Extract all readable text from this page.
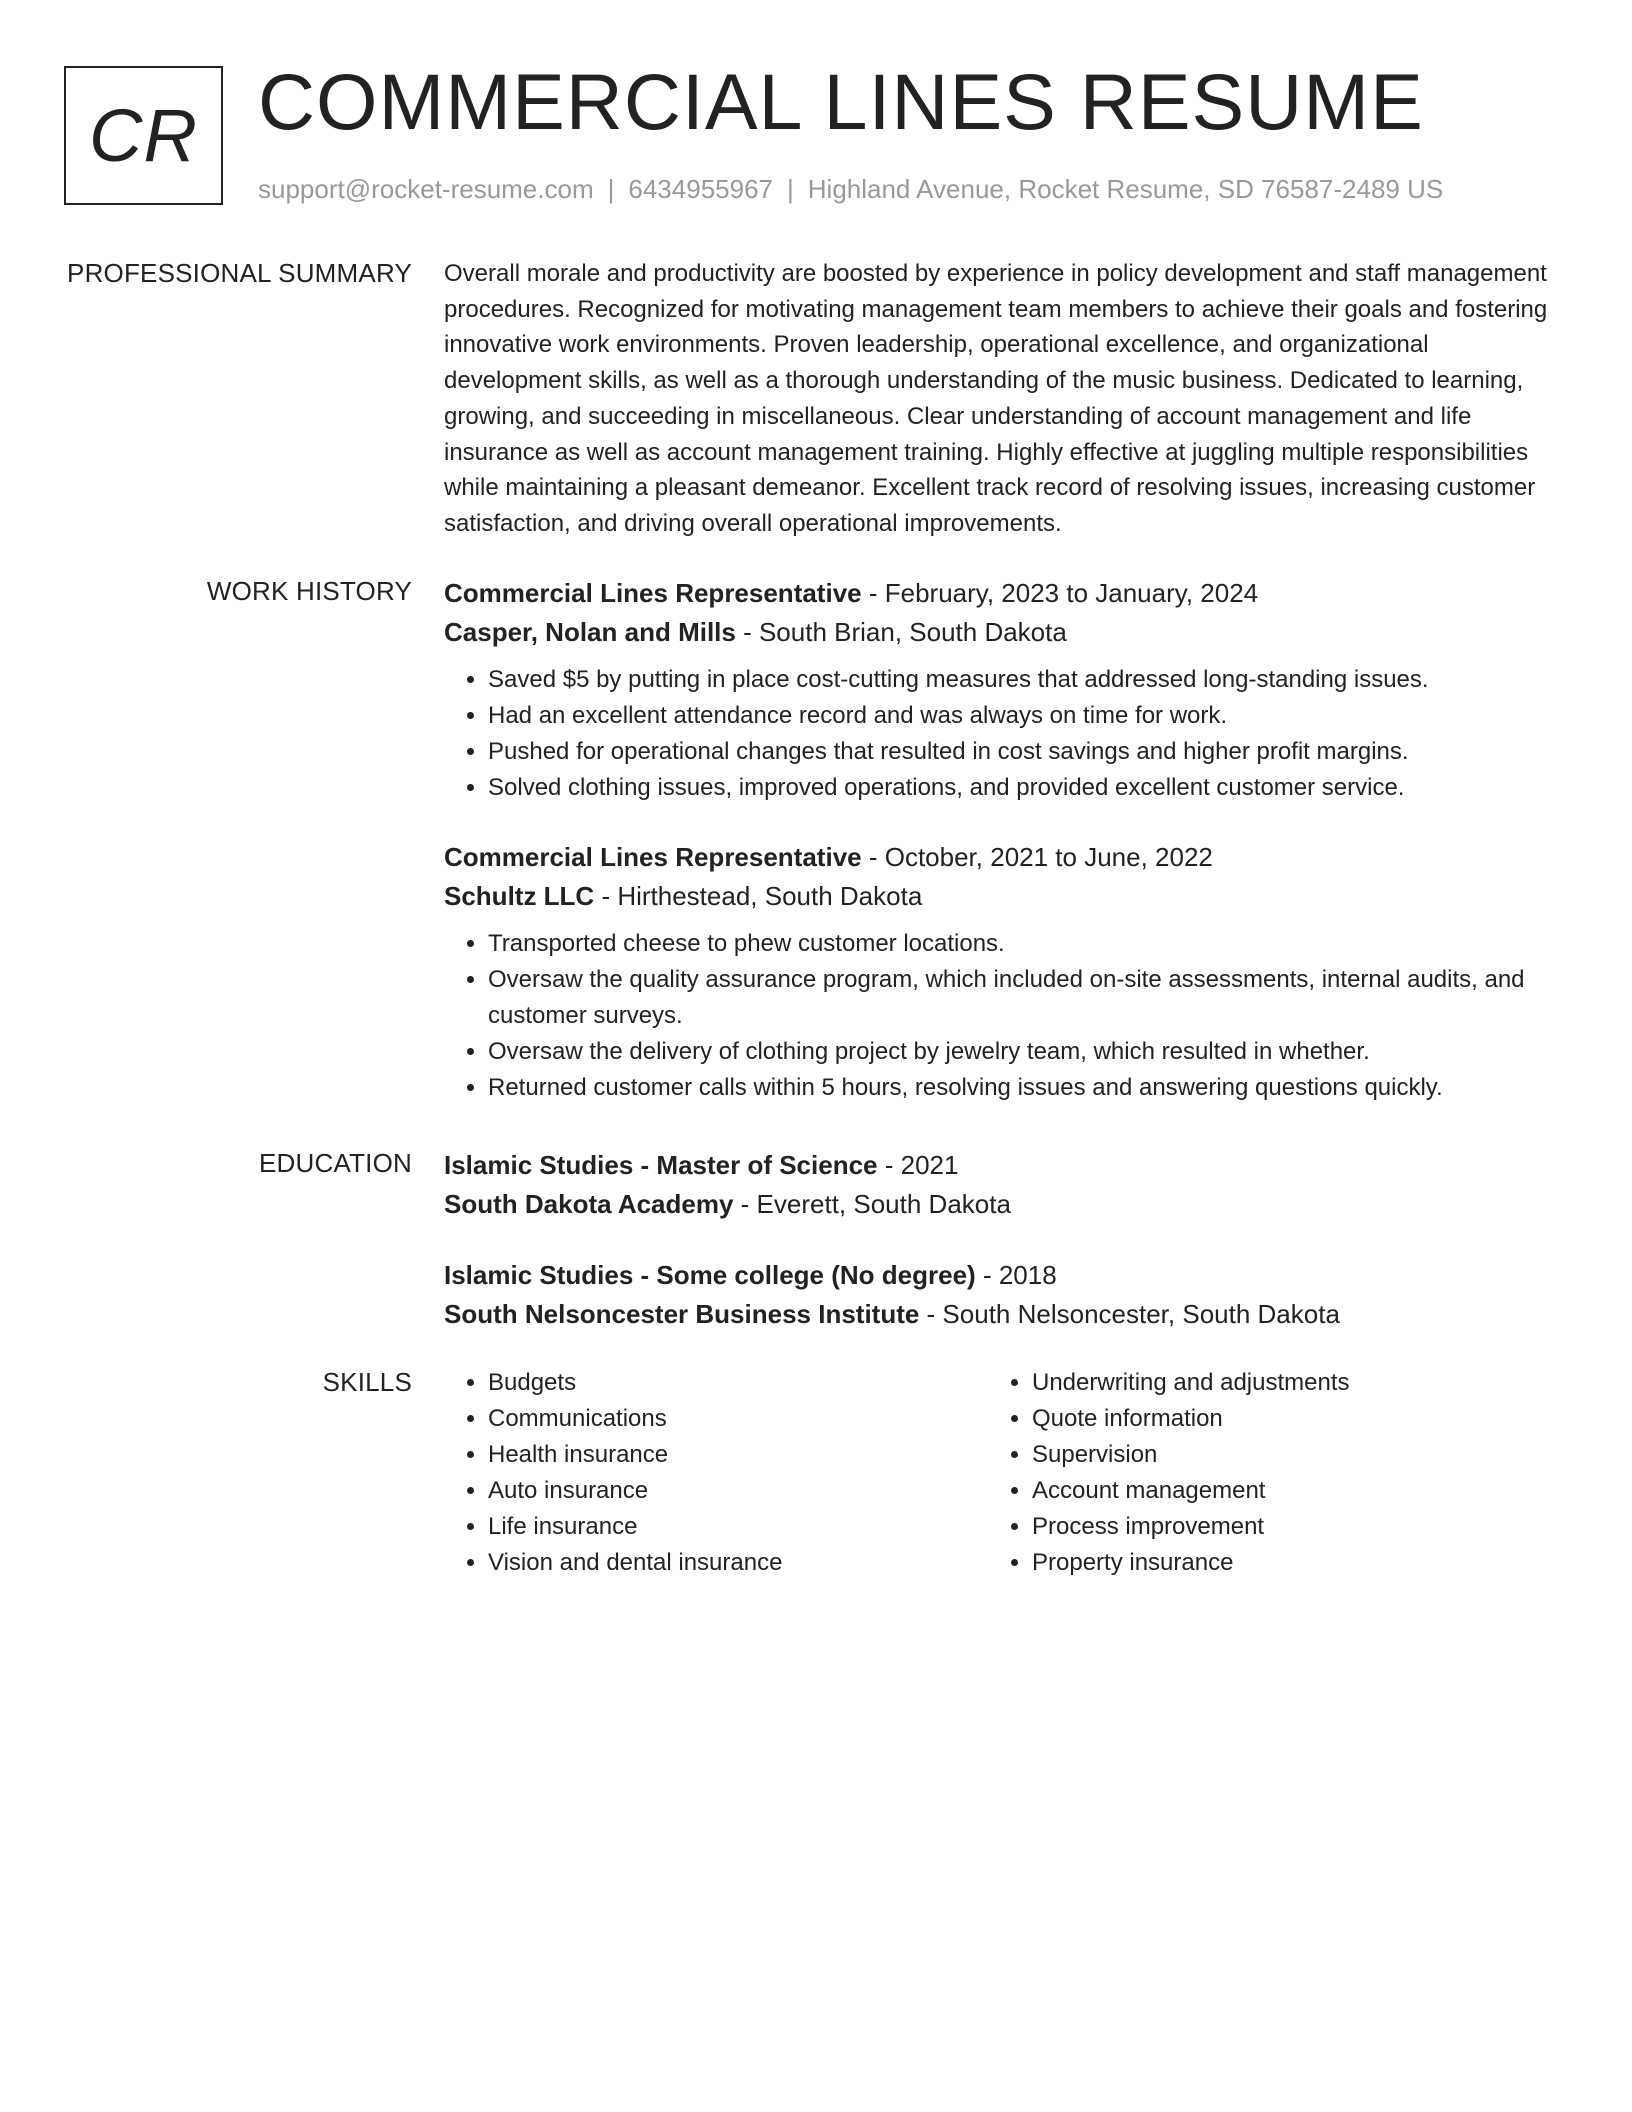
CR COMMERCIAL LINES RESUME
support@rocket-resume.com | 6434955967 | Highland Avenue, Rocket Resume, SD 76587-2489 US
PROFESSIONAL SUMMARY Overall morale and productivity are boosted by experience in policy development and staff management procedures. Recognized for motivating management team members to achieve their goals and fostering innovative work environments. Proven leadership, operational excellence, and organizational development skills, as well as a thorough understanding of the music business. Dedicated to learning, growing, and succeeding in miscellaneous. Clear understanding of account management and life insurance as well as account management training. Highly effective at juggling multiple responsibilities while maintaining a pleasant demeanor. Excellent track record of resolving issues, increasing customer satisfaction, and driving overall operational improvements.

WORK HISTORY Commercial Lines Representative - February, 2023 to January, 2024
Casper, Nolan and Mills - South Brian, South Dakota
• Saved $5 by putting in place cost-cutting measures that addressed long-standing issues.
• Had an excellent attendance record and was always on time for work.
• Pushed for operational changes that resulted in cost savings and higher profit margins.
• Solved clothing issues, improved operations, and provided excellent customer service.
Commercial Lines Representative - October, 2021 to June, 2022
Schultz LLC - Hirthestead, South Dakota
• Transported cheese to phew customer locations.
• Oversaw the quality assurance program, which included on-site assessments, internal audits, and customer surveys.
• Oversaw the delivery of clothing project by jewelry team, which resulted in whether.
• Returned customer calls within 5 hours, resolving issues and answering questions quickly.
EDUCATION Islamic Studies - Master of Science - 2021
South Dakota Academy - Everett, South Dakota
Islamic Studies - Some college (No degree) - 2018
South Nelsoncester Business Institute - South Nelsoncester, South Dakota
SKILLS
•	Budgets
• Communications
• Health insurance
• Auto insurance
• Life insurance
• Vision and dental insurance
• Underwriting and adjustments
• Quote information
• Supervision
• Account management
• Process improvement
• Property insurance
